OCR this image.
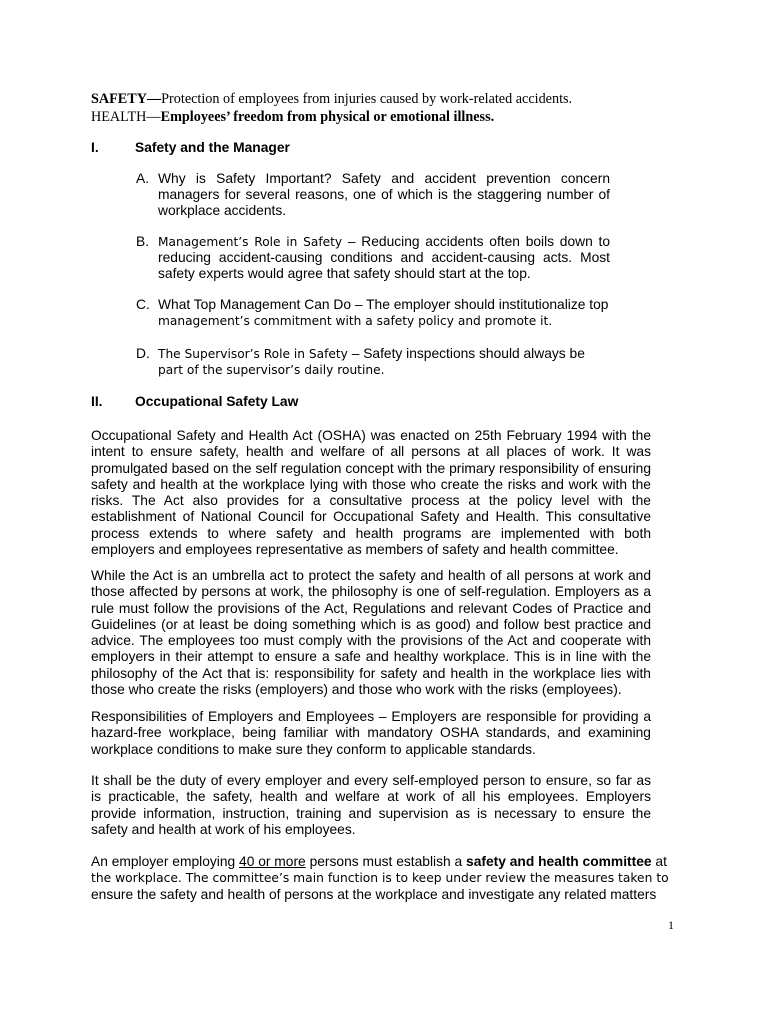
SAFETY—Protection of employees from injuries caused by work-related accidents.
HEALTH—Employees’ freedom from physical or emotional illness.
I.	Safety and the Manager
A. Why is Safety Important? Safety and accident prevention concern managers for several reasons, one of which is the staggering number of workplace accidents.
B. Management’s Role in Safety – Reducing accidents often boils down to reducing accident-causing conditions and accident-causing acts. Most safety experts would agree that safety should start at the top.
C. What Top Management Can Do – The employer should institutionalize top
management’s commitment with a safety policy and promote it.
D. The Supervisor’s Role in Safety – Safety inspections should always be
part of the supervisor’s daily routine.
II. Occupational Safety Law
Occupational Safety and Health Act (OSHA) was enacted on 25th February 1994 with the intent to ensure safety, health and welfare of all persons at all places of work. It was promulgated based on the self regulation concept with the primary responsibility of ensuring safety and health at the workplace lying with those who create the risks and work with the risks. The Act also provides for a consultative process at the policy level with the establishment of National Council for Occupational Safety and Health. This consultative process extends to where safety and health programs are implemented with both employers and employees representative as members of safety and health committee.
While the Act is an umbrella act to protect the safety and health of all persons at work and those affected by persons at work, the philosophy is one of self-regulation. Employers as a rule must follow the provisions of the Act, Regulations and relevant Codes of Practice and Guidelines (or at least be doing something which is as good) and follow best practice and advice. The employees too must comply with the provisions of the Act and cooperate with employers in their attempt to ensure a safe and healthy workplace. This is in line with the philosophy of the Act that is: responsibility for safety and health in the workplace lies with those who create the risks (employers) and those who work with the risks (employees).
Responsibilities of Employers and Employees – Employers are responsible for providing a hazard-free workplace, being familiar with mandatory OSHA standards, and examining workplace conditions to make sure they conform to applicable standards.
It shall be the duty of every employer and every self-employed person to ensure, so far as is practicable, the safety, health and welfare at work of all his employees. Employers provide information, instruction, training and supervision as is necessary to ensure the safety and health at work of his employees.
An employer employing 40 or more persons must establish a safety and health committee at
the workplace. The committee’s main function is to keep under review the measures taken to
ensure the safety and health of persons at the workplace and investigate any related matters
1
